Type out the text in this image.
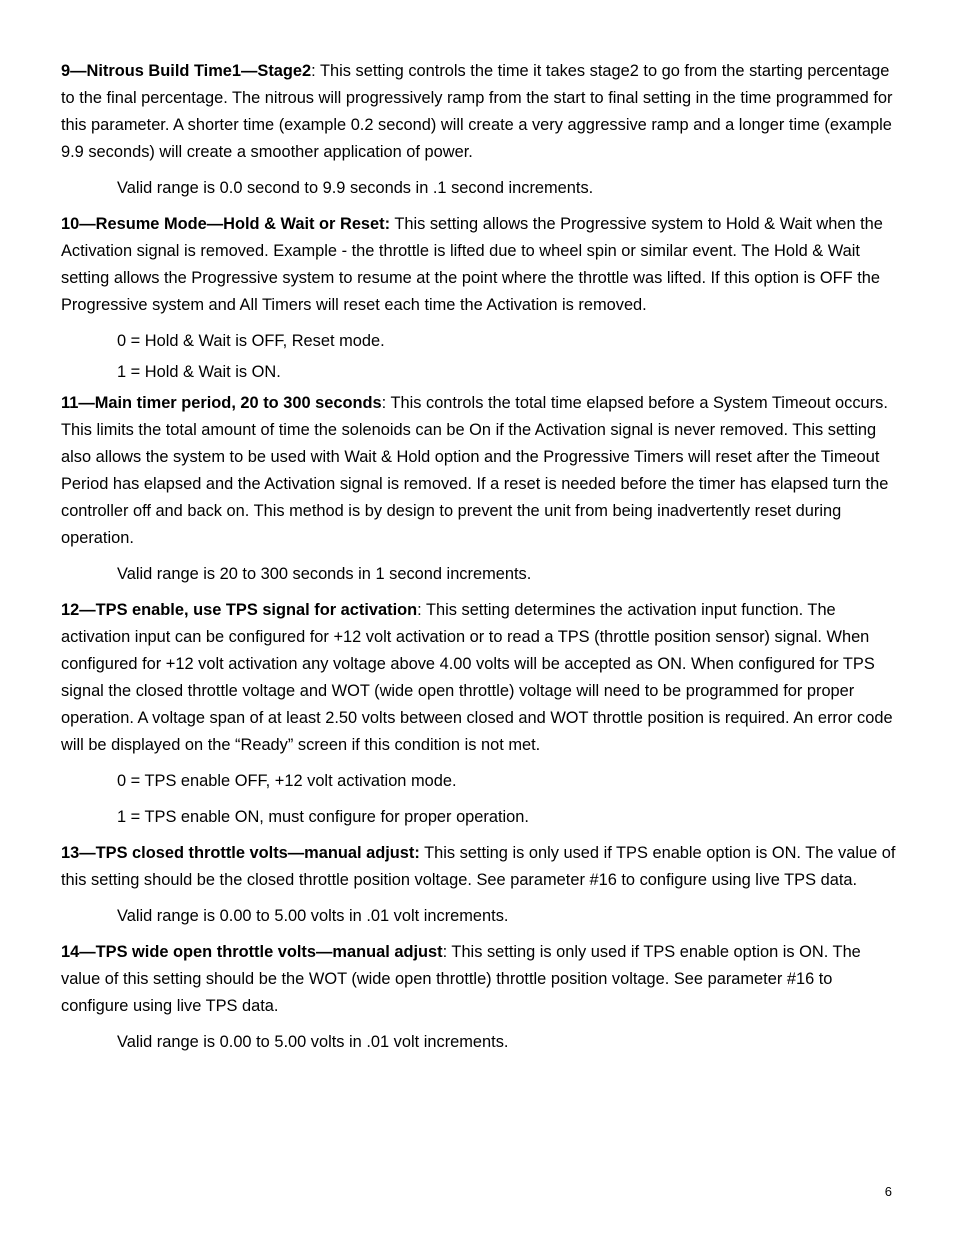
9—Nitrous Build Time1—Stage2: This setting controls the time it takes stage2 to go from the starting percentage to the final percentage. The nitrous will progressively ramp from the start to final setting in the time programmed for this parameter. A shorter time (example 0.2 second) will create a very aggressive ramp and a longer time (example 9.9 seconds) will create a smoother application of power.

Valid range is 0.0 second to 9.9 seconds in .1 second increments.

10—Resume Mode—Hold & Wait or Reset: This setting allows the Progressive system to Hold & Wait when the Activation signal is removed. Example - the throttle is lifted due to wheel spin or similar event. The Hold & Wait setting allows the Progressive system to resume at the point where the throttle was lifted. If this option is OFF the Progressive system and All Timers will reset each time the Activation is removed.

0 = Hold & Wait is OFF, Reset mode.

1 = Hold & Wait is ON.

11—Main timer period, 20 to 300 seconds: This controls the total time elapsed before a System Timeout occurs. This limits the total amount of time the solenoids can be On if the Activation signal is never removed. This setting also allows the system to be used with Wait & Hold option and the Progressive Timers will reset after the Timeout Period has elapsed and the Activation signal is removed. If a reset is needed before the timer has elapsed turn the controller off and back on. This method is by design to prevent the unit from being inadvertently reset during operation.

Valid range is 20 to 300 seconds in 1 second increments.

12—TPS enable, use TPS signal for activation: This setting determines the activation input function. The activation input can be configured for +12 volt activation or to read a TPS (throttle position sensor) signal. When configured for +12 volt activation any voltage above 4.00 volts will be accepted as ON. When configured for TPS signal the closed throttle voltage and WOT (wide open throttle) voltage will need to be programmed for proper operation. A voltage span of at least 2.50 volts between closed and WOT throttle position is required. An error code will be displayed on the “Ready” screen if this condition is not met.

0 = TPS enable OFF, +12 volt activation mode.

1 = TPS enable ON, must configure for proper operation.

13—TPS closed throttle volts—manual adjust: This setting is only used if TPS enable option is ON. The value of this setting should be the closed throttle position voltage. See parameter #16 to configure using live TPS data.

Valid range is 0.00 to 5.00 volts in .01 volt increments.

14—TPS wide open throttle volts—manual adjust: This setting is only used if TPS enable option is ON. The value of this setting should be the WOT (wide open throttle) throttle position voltage. See parameter #16 to configure using live TPS data.

Valid range is 0.00 to 5.00 volts in .01 volt increments.

6
